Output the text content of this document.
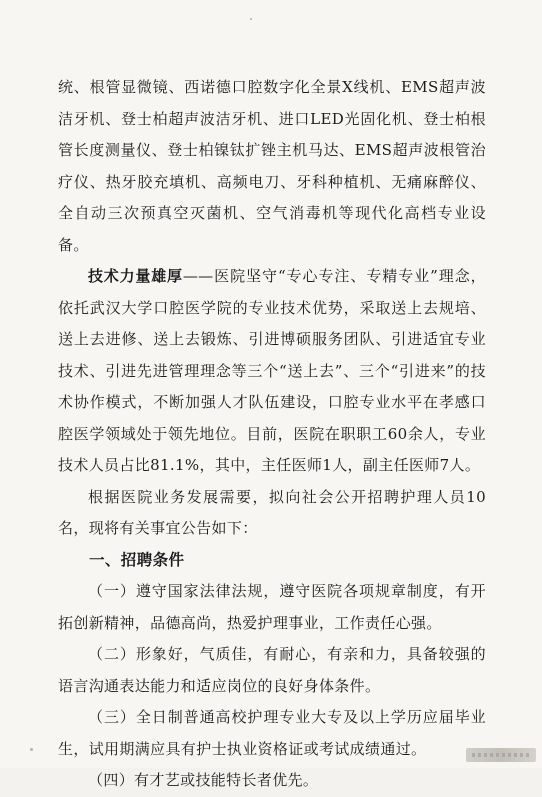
统、根管显微镜、西诺德口腔数字化全景X线机、EMS超声波洁牙机、登士柏超声波洁牙机、进口LED光固化机、登士柏根管长度测量仪、登士柏镍钛扩锉主机马达、EMS超声波根管治疗仪、热牙胶充填机、高频电刀、牙科种植机、无痛麻醉仪、全自动三次预真空灭菌机、空气消毒机等现代化高档专业设备。

技术力量雄厚——医院坚守“专心专注、专精专业”理念，依托武汉大学口腔医学院的专业技术优势，采取送上去规培、送上去进修、送上去锻炼、引进博硕服务团队、引进适宜专业技术、引进先进管理理念等三个“送上去”、三个“引进来”的技术协作模式，不断加强人才队伍建设，口腔专业水平在孝感口腔医学领域处于领先地位。目前，医院在职职工60余人，专业技术人员占比81.1%，其中，主任医师1人，副主任医师7人。

根据医院业务发展需要，拟向社会公开招聘护理人员10名，现将有关事宜公告如下：

一、招聘条件

（一）遵守国家法律法规，遵守医院各项规章制度，有开拓创新精神，品德高尚，热爱护理事业，工作责任心强。

（二）形象好，气质佳，有耐心，有亲和力，具备较强的语言沟通表达能力和适应岗位的良好身体条件。

（三）全日制普通高校护理专业大专及以上学历应届毕业生，试用期满应具有护士执业资格证或考试成绩通过。

（四）有才艺或技能特长者优先。
